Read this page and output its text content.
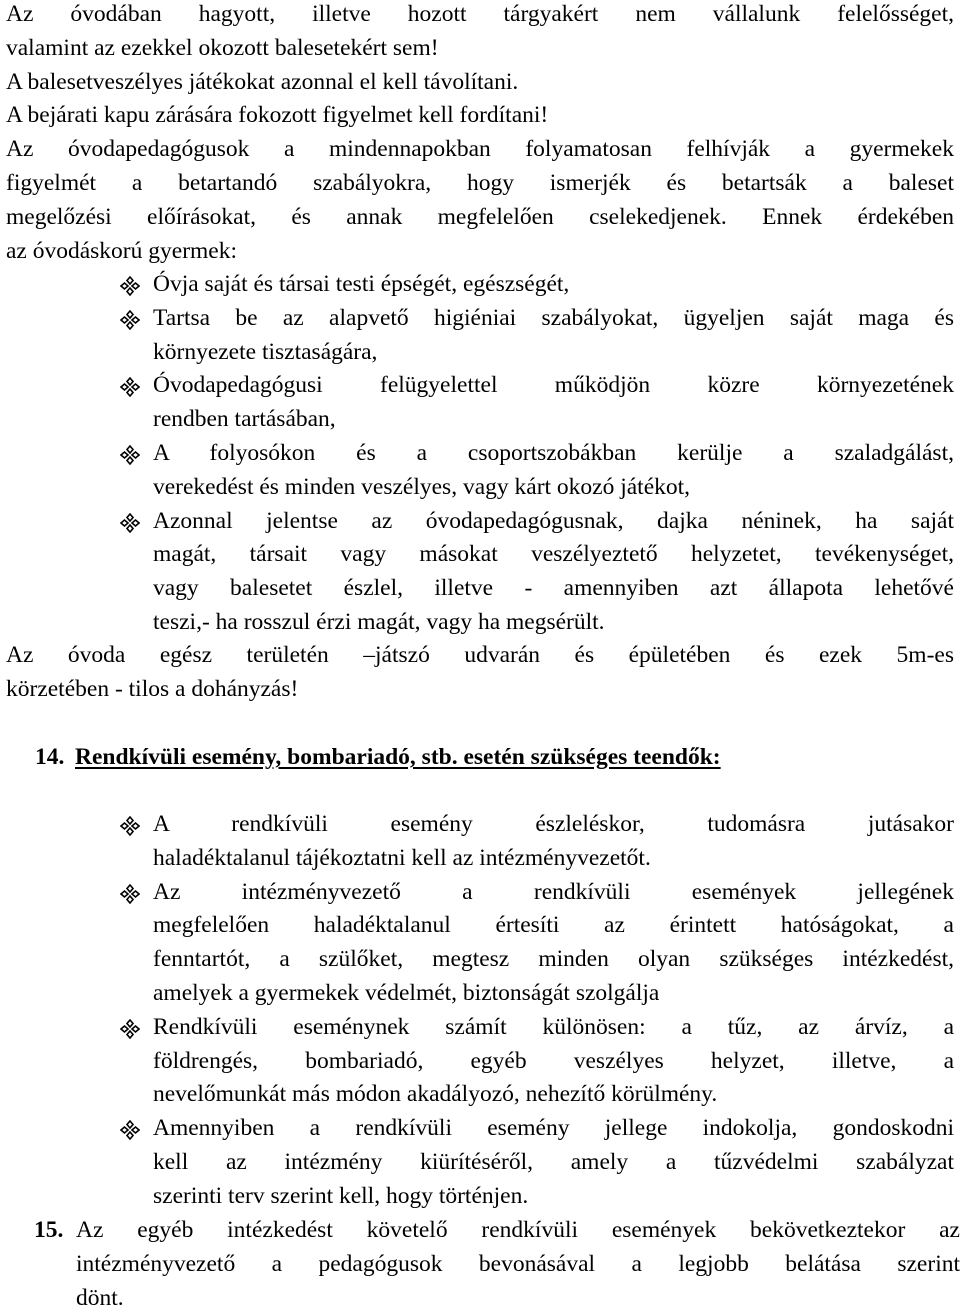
Az óvodában hagyott, illetve hozott tárgyakért nem vállalunk felelősséget,
valamint az ezekkel okozott balesetekért sem!
A balesetveszélyes játékokat azonnal el kell távolítani.
A bejárati kapu zárására fokozott figyelmet kell fordítani!
Az óvodapedagógusok a mindennapokban folyamatosan felhívják a gyermekek
figyelmét a betartandó szabályokra, hogy ismerjék és betartsák a baleset
megelőzési előírásokat, és annak megfelelően cselekedjenek. Ennek érdekében
az óvodáskorú gyermek:
Óvja saját és társai testi épségét, egészségét,
Tartsa be az alapvető higiéniai szabályokat, ügyeljen saját maga és
környezete tisztaságára,
Óvodapedagógusi felügyelettel működjön közre környezetének
rendben tartásában,
A folyosókon és a csoportszobákban kerülje a szaladgálást,
verekedést és minden veszélyes, vagy kárt okozó játékot,
Azonnal jelentse az óvodapedagógusnak, dajka néninek, ha saját
magát, társait vagy másokat veszélyeztető helyzetet, tevékenységet,
vagy balesetet észlel, illetve - amennyiben azt állapota lehetővé
teszi,- ha rosszul érzi magát, vagy ha megsérült.
Az óvoda egész területén –játszó udvarán és épületében és ezek 5m-es
körzetében - tilos a dohányzás!
14. Rendkívüli esemény, bombariadó, stb. esetén szükséges teendők:
A rendkívüli esemény észleléskor, tudomásra jutásakor
haladéktalanul tájékoztatni kell az intézményvezetőt.
Az intézményvezető a rendkívüli események jellegének
megfelelően haladéktalanul értesíti az érintett hatóságokat, a
fenntartót, a szülőket, megtesz minden olyan szükséges intézkedést,
amelyek a gyermekek védelmét, biztonságát szolgálja
Rendkívüli eseménynek számít különösen: a tűz, az árvíz, a
földrengés, bombariadó, egyéb veszélyes helyzet, illetve, a
nevelőmunkát más módon akadályozó, nehezítő körülmény.
Amennyiben a rendkívüli esemény jellege indokolja, gondoskodni
kell az intézmény kiürítéséről, amely a tűzvédelmi szabályzat
szerinti terv szerint kell, hogy történjen.
15. Az egyéb intézkedést követelő rendkívüli események bekövetkeztekor az
intézményvezető a pedagógusok bevonásával a legjobb belátása szerint
dönt.
